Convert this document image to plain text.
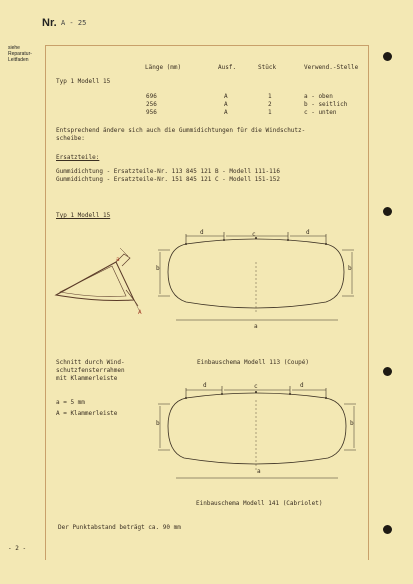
Nr. A - 25
siehe
Reparatur-
Leitfaden
Länge (mm)	Ausf.	Stück	Verwend.-Stelle
Typ 1 Modell 15
696	A	1	a - oben
256	A	2	b - seitlich
956	A	1	c - unten
Entsprechend ändere sich auch die Gummidichtungen für die Windschutz-
scheibe:
Ersatzteile:
Gummidichtung - Ersatzteile-Nr. 113 845 121 B - Modell 111-116
Gummidichtung - Ersatzteile-Nr. 151 845 121 C - Modell 151-152
Typ 1 Modell 15
d	c	d
b	b
a
a
A
d	c	d
b	b
a
Schnitt durch Wind-
schutzfensterrahmen
mit Klammerleiste
a = 5 mm
A = Klammerleiste
Einbauschema Modell 113 (Coupé)
Einbauschema Modell 141 (Cabriolet)
Der Punktabstand beträgt ca. 90 mm
- 2 -
